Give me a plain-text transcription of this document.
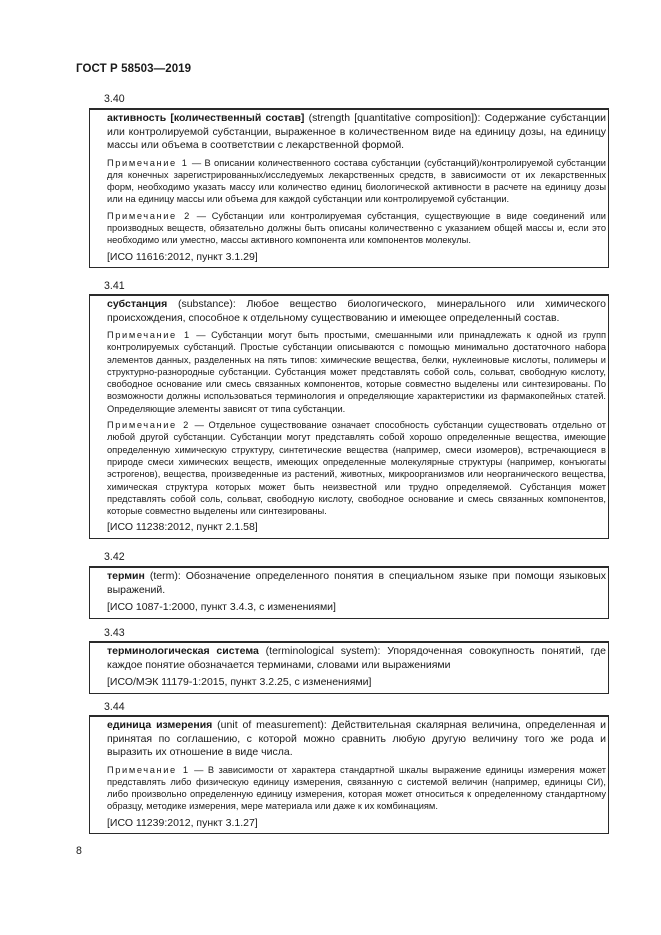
ГОСТ Р 58503—2019
3.40

активность [количественный состав] (strength [quantitative composition]): Содержание субстанции или контролируемой субстанции, выраженное в количественном виде на единицу дозы, на единицу массы или объема в соответствии с лекарственной формой.

Примечание 1 — В описании количественного состава субстанции (субстанций)/контролируемой субстанции для конечных зарегистрированных/исследуемых лекарственных средств, в зависимости от их лекарственных форм, необходимо указать массу или количество единиц биологической активности в расчете на единицу дозы или на единицу массы или объема для каждой субстанции или контролируемой субстанции.

Примечание 2 — Субстанции или контролируемая субстанция, существующие в виде соединений или производных веществ, обязательно должны быть описаны количественно с указанием общей массы и, если это необходимо или уместно, массы активного компонента или компонентов молекулы.

[ИСО 11616:2012, пункт 3.1.29]

3.41

субстанция (substance): Любое вещество биологического, минерального или химического происхождения, способное к отдельному существованию и имеющее определенный состав.

Примечание 1 — Субстанции могут быть простыми, смешанными или принадлежать к одной из групп контролируемых субстанций. Простые субстанции описываются с помощью минимально достаточного набора элементов данных, разделенных на пять типов: химические вещества, белки, нуклеиновые кислоты, полимеры и структурно-разнородные субстанции. Субстанция может представлять собой соль, сольват, свободную кислоту, свободное основание или смесь связанных компонентов, которые совместно выделены или синтезированы. По возможности должны использоваться терминология и определяющие характеристики из фармакопейных статей. Определяющие элементы зависят от типа субстанции.

Примечание 2 — Отдельное существование означает способность субстанции существовать отдельно от любой другой субстанции. Субстанции могут представлять собой хорошо определенные вещества, имеющие определенную химическую структуру, синтетические вещества (например, смеси изомеров), встречающиеся в природе смеси химических веществ, имеющих определенные молекулярные структуры (например, конъюгаты эстрогенов), вещества, произведенные из растений, животных, микроорганизмов или неорганического вещества, химическая структура которых может быть неизвестной или трудно определяемой. Субстанция может представлять собой соль, сольват, свободную кислоту, свободное основание и смесь связанных компонентов, которые совместно выделены или синтезированы.

[ИСО 11238:2012, пункт 2.1.58]

3.42

термин (term): Обозначение определенного понятия в специальном языке при помощи языковых выражений.

[ИСО 1087-1:2000, пункт 3.4.3, с изменениями]

3.43

терминологическая система (terminological system): Упорядоченная совокупность понятий, где каждое понятие обозначается терминами, словами или выражениями

[ИСО/МЭК 11179-1:2015, пункт 3.2.25, с изменениями]

3.44

единица измерения (unit of measurement): Действительная скалярная величина, определенная и принятая по соглашению, с которой можно сравнить любую другую величину того же рода и выразить их отношение в виде числа.

Примечание 1 — В зависимости от характера стандартной шкалы выражение единицы измерения может представлять либо физическую единицу измерения, связанную с системой величин (например, единицы СИ), либо произвольно определенную единицу измерения, которая может относиться к определенному стандартному образцу, методике измерения, мере материала или даже к их комбинациям.

[ИСО 11239:2012, пункт 3.1.27]

8
